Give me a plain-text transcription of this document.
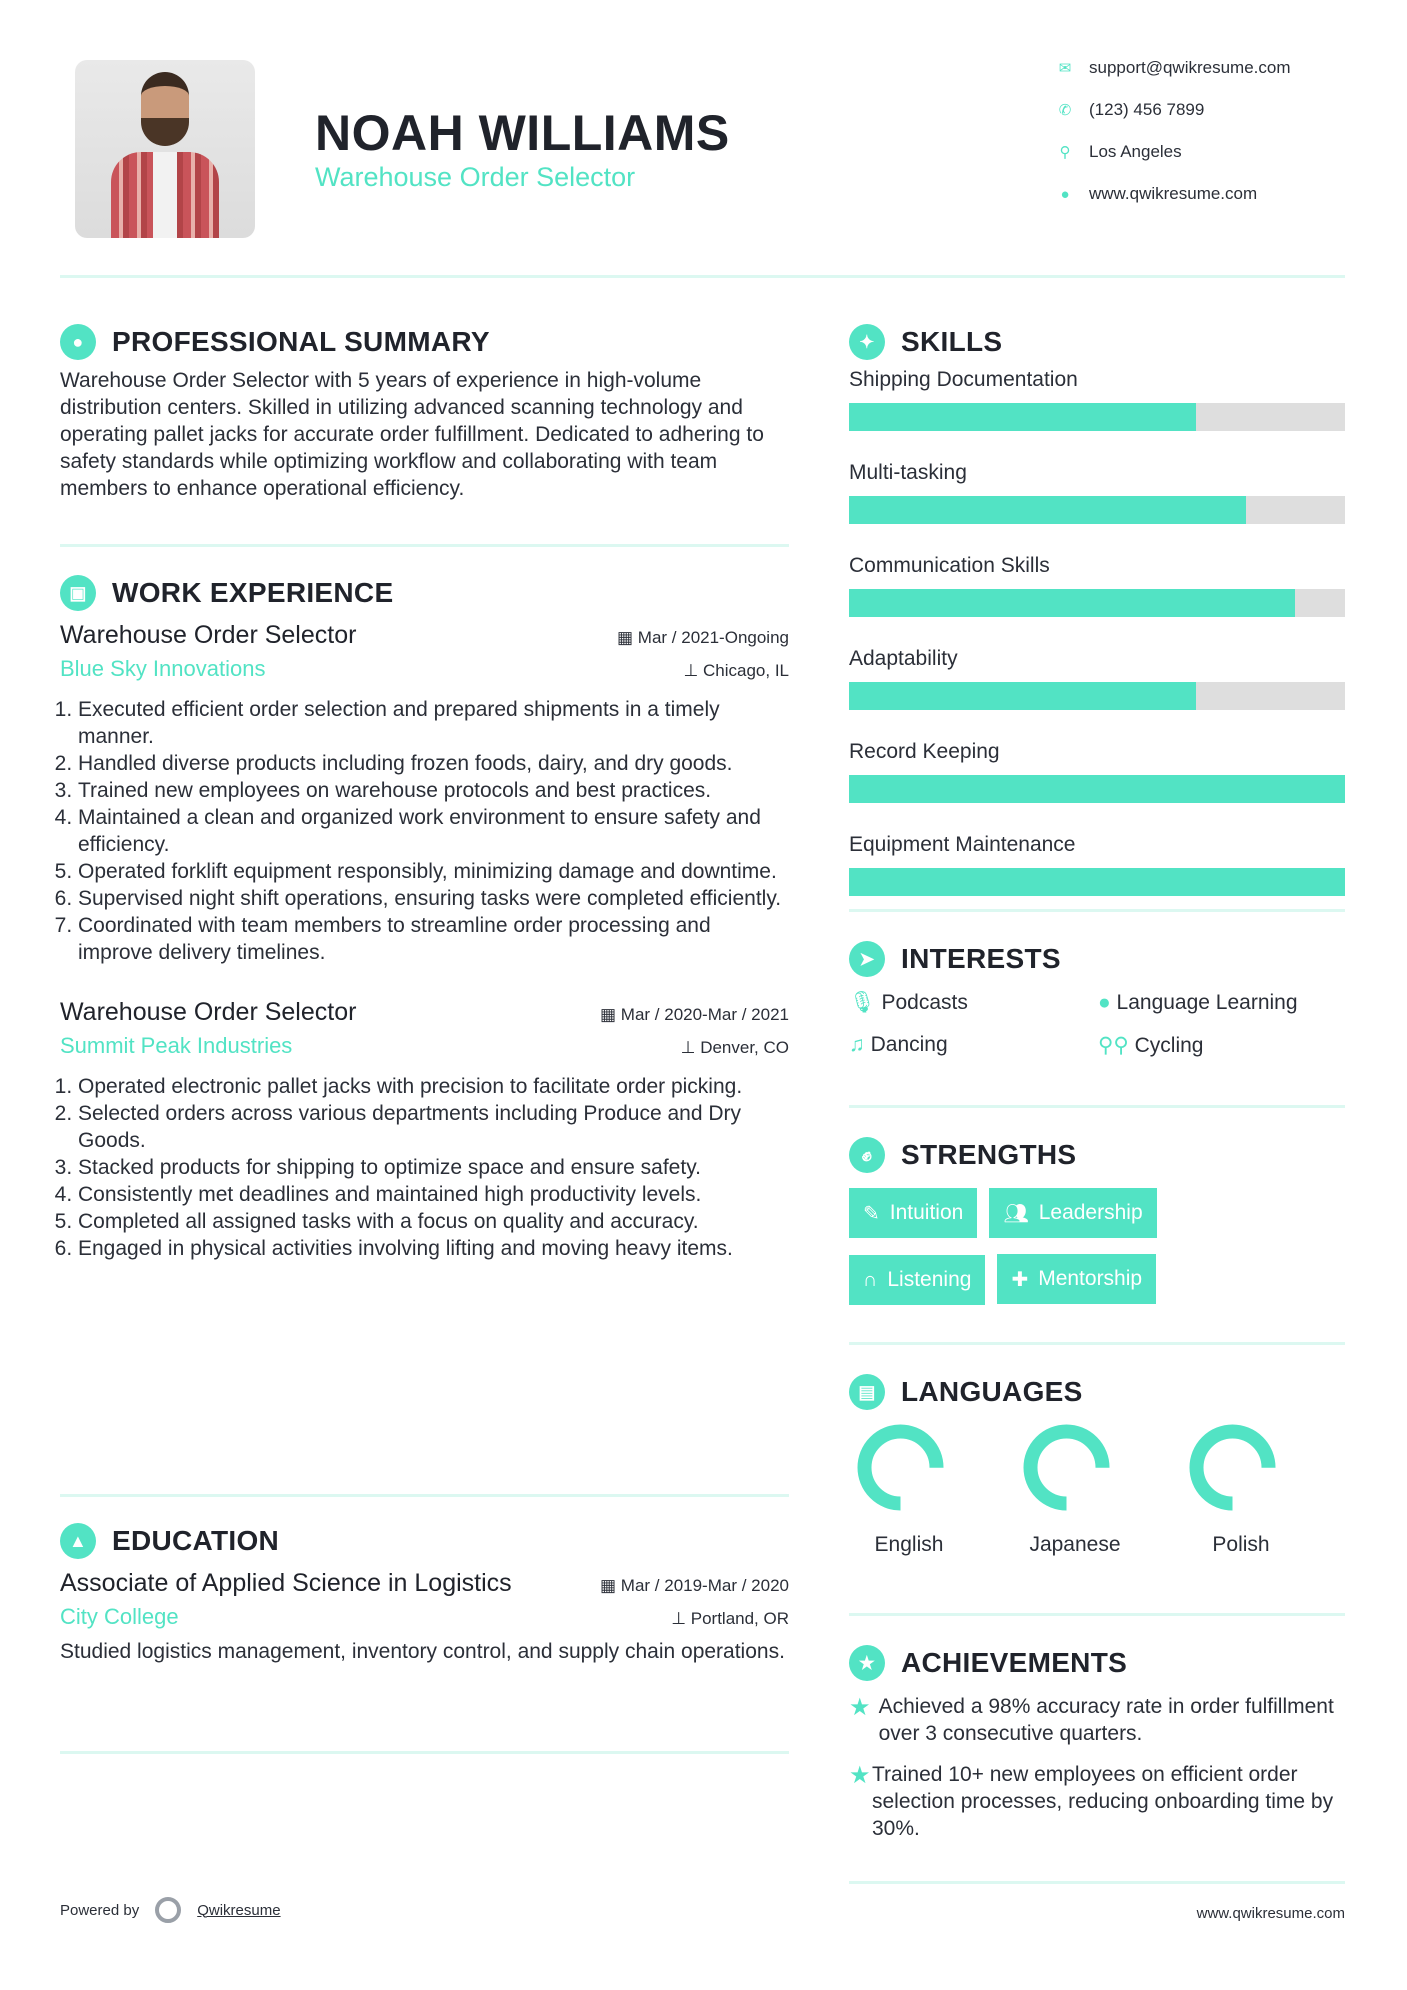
NOAH WILLIAMS
Warehouse Order Selector
✉ support@qwikresume.com
✆ (123) 456 7899
⚲ Los Angeles
●	www.qwikresume.com
●	PROFESSIONAL SUMMARY
Warehouse Order Selector with 5 years of experience in high-volume distribution centers. Skilled in utilizing advanced scanning technology and operating pallet jacks for accurate order fulfillment. Dedicated to adhering to safety standards while optimizing workflow and collaborating with team members to enhance operational efficiency.
▣ WORK EXPERIENCE
Warehouse Order Selector	▦ Mar / 2021-Ongoing
Blue Sky Innovations	⊥ Chicago, IL
1. Executed efficient order selection and prepared shipments in a timely manner.
2. Handled diverse products including frozen foods, dairy, and dry goods.
3. Trained new employees on warehouse protocols and best practices.
4. Maintained a clean and organized work environment to ensure safety and efficiency.
5. Operated forklift equipment responsibly, minimizing damage and downtime.
6. Supervised night shift operations, ensuring tasks were completed efficiently.
7. Coordinated with team members to streamline order processing and improve delivery timelines.
Warehouse Order Selector	▦ Mar / 2020-Mar / 2021
Summit Peak Industries	⊥ Denver, CO
1. Operated electronic pallet jacks with precision to facilitate order picking.
2. Selected orders across various departments including Produce and Dry Goods.
3. Stacked products for shipping to optimize space and ensure safety.
4. Consistently met deadlines and maintained high productivity levels.
5. Completed all assigned tasks with a focus on quality and accuracy.
6. Engaged in physical activities involving lifting and moving heavy items.
▲ EDUCATION
Associate of Applied Science in Logistics	▦ Mar / 2019-Mar / 2020
City College	⊥ Portland, OR
Studied logistics management, inventory control, and supply chain operations.
✦ SKILLS
Shipping Documentation
Multi-tasking
Communication Skills
Adaptability
Record Keeping
Equipment Maintenance
➤ INTERESTS
🎙︎ Podcasts	● Language Learning
♫ Dancing	⚲⚲ Cycling
✊︎	STRENGTHS
✎ Intuition 👥︎ Leadership
∩ Listening ✚ Mentorship
▤ LANGUAGES
English	Japanese	Polish
★ ACHIEVEMENTS
★ Achieved a 98% accuracy rate in order fulfillment over 3 consecutive quarters.
★ Trained 10+ new employees on efficient order selection processes, reducing onboarding time by 30%.
Powered by	Qwikresume	www.qwikresume.com
